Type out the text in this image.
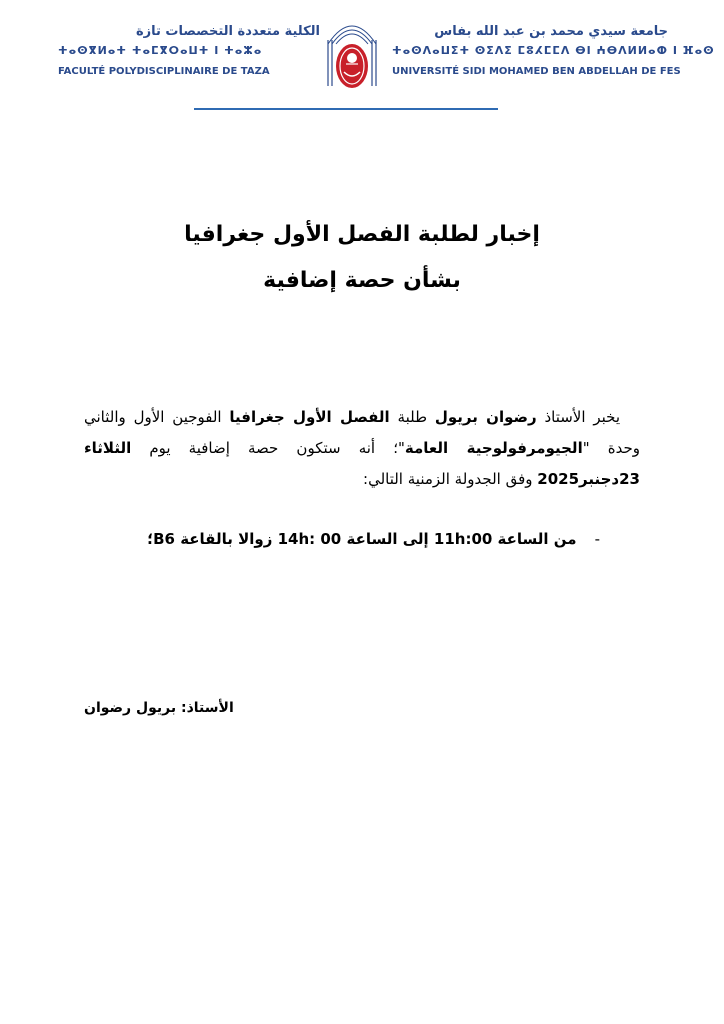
جامعة سيدي محمد بن عبد الله بفاس
ⵜⴰⵙⴷⴰⵡⵉⵜ ⵙⵉⴷⵉ ⵎⵓⵃⵎⵎⴷ ⴱⵏ ⵄⴱⴷⵍⵍⴰⵀ ⵏ ⴼⴰⵙ
UNIVERSITÉ SIDI MOHAMED BEN ABDELLAH DE FES
الكلية متعددة التخصصات تازة
ⵜⴰⵙⴳⵍⴰⵜ ⵜⴰⵎⴳⵔⴰⵡⵜ ⵏ ⵜⴰⵣⴰ
FACULTÉ POLYDISCIPLINAIRE DE TAZA
إخبار لطلبة الفصل الأول جغرافيا
بشأن حصة إضافية
يخبر الأستاذ رضوان بريول طلبة الفصل الأول جغرافيا الفوجين الأول والثاني وحدة "الجيومرفولوجية العامة"؛ أنه ستكون حصة إضافية يوم الثلاثاء 23دجنبر2025 وفق الجدولة الزمنية التالي:
-من الساعة 11h:00 إلى الساعة 00 :14h زوالا بالقاعة B6؛
الأستاذ: بريول رضوان
